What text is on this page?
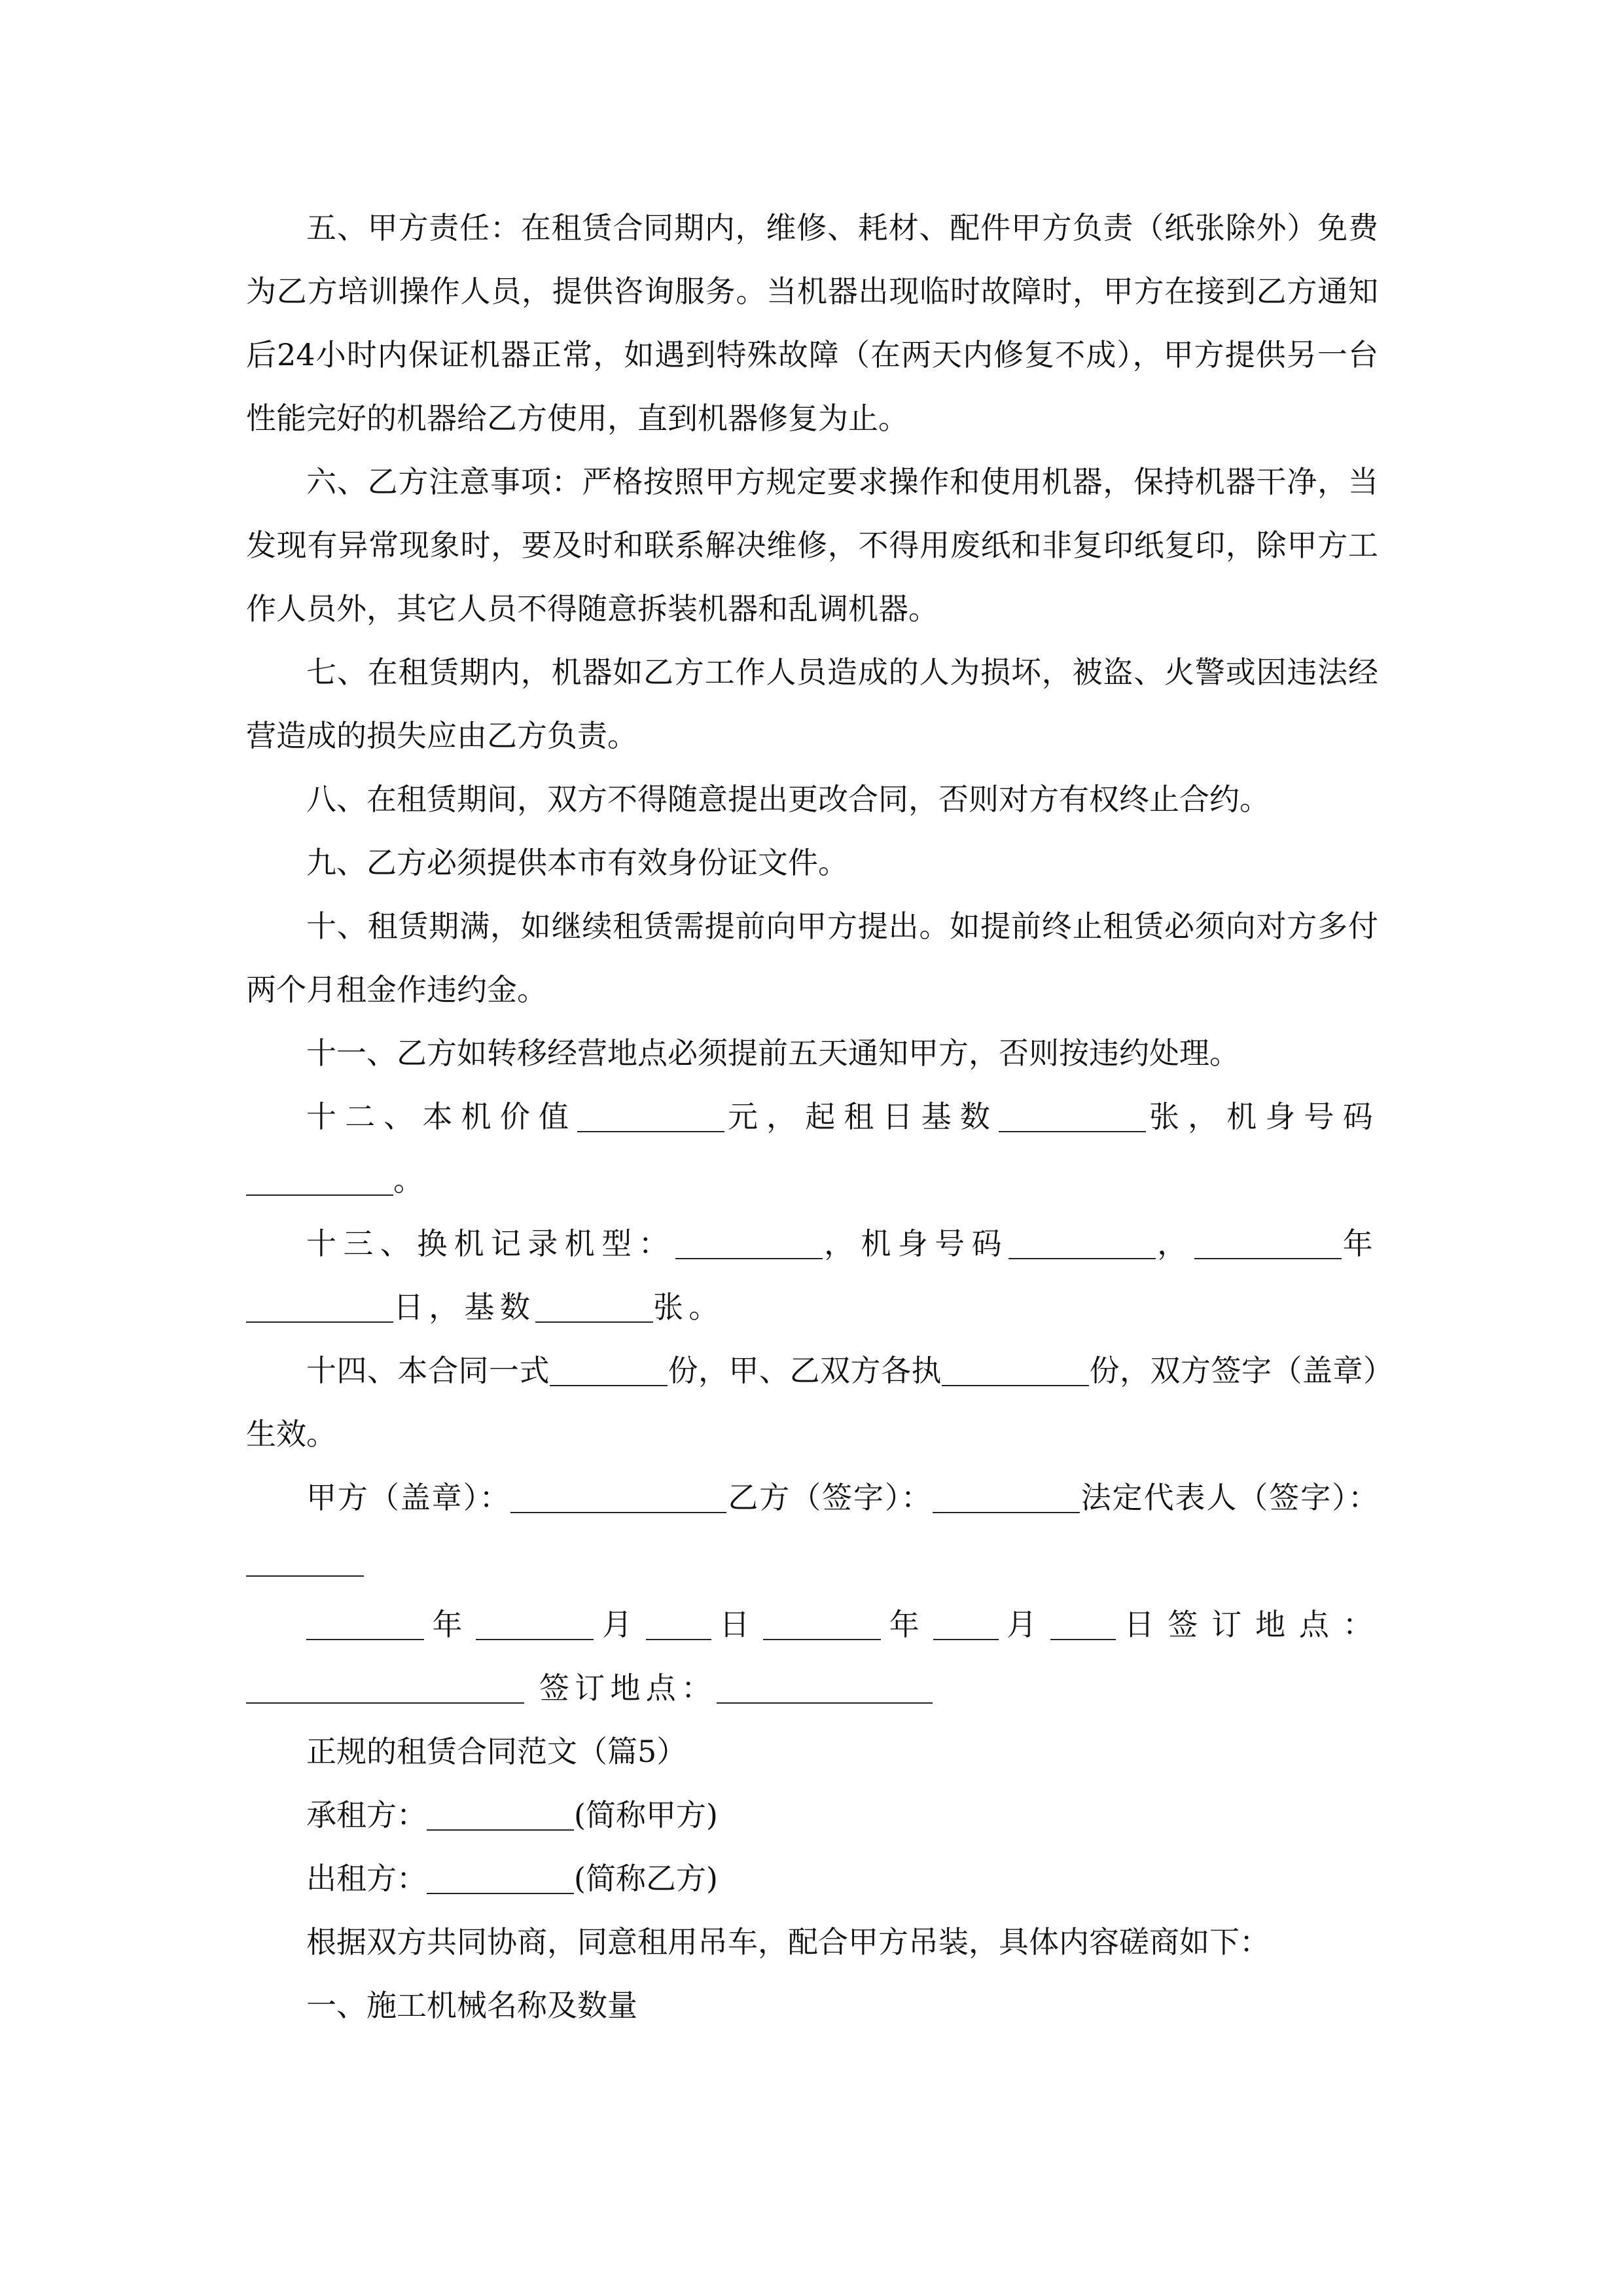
五、甲方责任：在租赁合同期内，维修、耗材、配件甲方负责（纸张除外）免费为乙方培训操作人员，提供咨询服务。当机器出现临时故障时，甲方在接到乙方通知后24小时内保证机器正常，如遇到特殊故障（在两天内修复不成），甲方提供另一台性能完好的机器给乙方使用，直到机器修复为止。

六、乙方注意事项：严格按照甲方规定要求操作和使用机器，保持机器干净，当发现有异常现象时，要及时和联系解决维修，不得用废纸和非复印纸复印，除甲方工作人员外，其它人员不得随意拆装机器和乱调机器。

七、在租赁期内，机器如乙方工作人员造成的人为损坏，被盗、火警或因违法经营造成的损失应由乙方负责。

八、在租赁期间，双方不得随意提出更改合同，否则对方有权终止合约。

九、乙方必须提供本市有效身份证文件。

十、租赁期满，如继续租赁需提前向甲方提出。如提前终止租赁必须向对方多付两个月租金作违约金。

十一、乙方如转移经营地点必须提前五天通知甲方，否则按违约处理。

十二、本机价值	元，起租日基数	张，机身号码。

十三、换机记录机型：	，机身号码	，	年日，基数	张。

十四、本合同一式	份，甲、乙双方各执	份，双方签字（盖章）生效。

甲方（盖章）：	乙方（签字）：	法定代表人（签字）：

年	月 日	年 月 日签订地点： 签订地点：

正规的租赁合同范文（篇5）

承租方：	(简称甲方)

出租方：	(简称乙方)

根据双方共同协商，同意租用吊车，配合甲方吊装，具体内容磋商如下：

一、施工机械名称及数量
